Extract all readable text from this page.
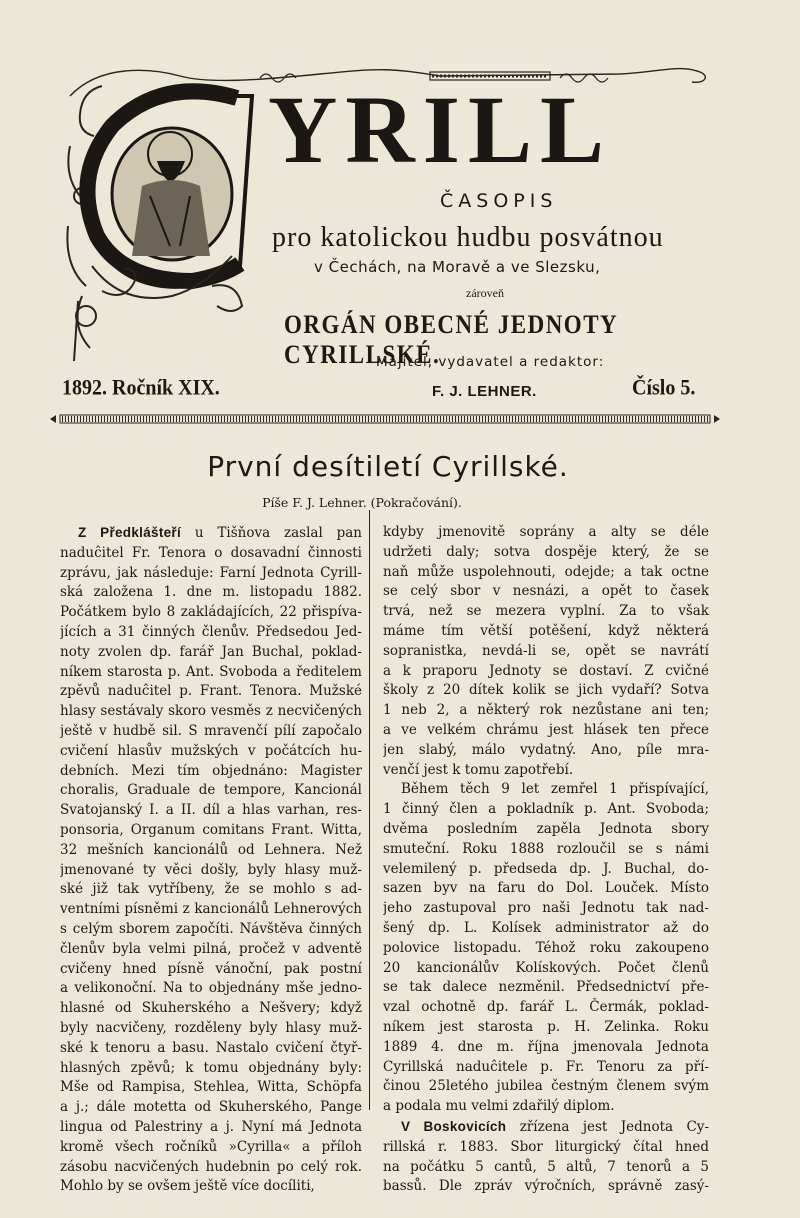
YRILL
ČASOPIS
pro katolickou hudbu posvátnou
v Čechách, na Moravě a ve Slezsku,
zároveň
ORGÁN OBECNÉ JEDNOTY CYRILLSKÉ.
Majitel, vydavatel a redaktor:
1892. Ročník XIX.	F. J. LEHNER.	Číslo 5.
První desítiletí Cyrillské.
Píše F. J. Lehner. (Pokračování).
Z Předklášteří u Tišňova zaslal pan
naduĉitel Fr. Tenora o dosavadní činnosti
zprávu, jak následuje: Farní Jednota Cyrill-
ská založena 1. dne m. listopadu 1882.
Počátkem bylo 8 zakládajících, 22 přispíva-
jících a 31 činných členův. Předsedou Jed-
noty zvolen dp. farář Jan Buchal, poklad-
níkem starosta p. Ant. Svoboda a ředitelem
zpěvů naduĉitel p. Frant. Tenora. Mužské
hlasy sestávaly skoro vesměs z necvičených
ještě v hudbě sil. S mravenčí pílí započalo
cvičení hlasův mužských v počátcích hu-
debních. Mezi tím objednáno: Magister
choralis, Graduale de tempore, Kancionál
Svatojanský I. a II. díl a hlas varhan, res-
ponsoria, Organum comitans Frant. Witta,
32 mešních kancionálů od Lehnera. Než
jmenované ty věci došly, byly hlasy muž-
ské již tak vytříbeny, že se mohlo s ad-
ventními písněmi z kancionálů Lehnerových
s celým sborem započíti. Návštěva činných
členův byla velmi pilná, pročež v adventě
cvičeny hned písně vánoční, pak postní
a velikonoční. Na to objednány mše jedno-
hlasné od Skuherského a Nešvery; když
byly nacvičeny, rozděleny byly hlasy muž-
ské k tenoru a basu. Nastalo cvičení čtyř-
hlasných zpěvů; k tomu objednány byly:
Mše od Rampisa, Stehlea, Witta, Schöpfa
a j.; dále motetta od Skuherského, Pange
lingua od Palestriny a j. Nyní má Jednota
kromě všech ročníků »Cyrilla« a příloh
zásobu nacvičených hudebnin po celý rok.
Mohlo by se ovšem ještě více docíliti,
kdyby jmenovitě soprány a alty se déle
udržeti daly; sotva dospěje který, že se
naň může uspolehnouti, odejde; a tak octne
se celý sbor v nesnázi, a opět to časek
trvá, než se mezera vyplní. Za to však
máme tím větší potěšení, když některá
sopranistka, nevdá-li se, opět se navrátí
a k praporu Jednoty se dostaví. Z cvičné
školy z 20 dítek kolik se jich vydaří? Sotva
1 neb 2, a některý rok nezůstane ani ten;
a ve velkém chrámu jest hlásek ten přece
jen slabý, málo vydatný. Ano, píle mra-
venčí jest k tomu zapotřebí.
Během těch 9 let zemřel 1 přispívající,
1 činný člen a pokladník p. Ant. Svoboda;
dvěma posledním zapěla Jednota sbory
smuteční. Roku 1888 rozloučil se s námi
velemilený p. předseda dp. J. Buchal, do-
sazen byv na faru do Dol. Louček. Místo
jeho zastupoval pro naši Jednotu tak nad-
šený dp. L. Kolísek administrator až do
polovice listopadu. Téhož roku zakoupeno
20 kancionálův Kolískových. Počet členů
se tak dalece nezměnil. Předsednictví pře-
vzal ochotně dp. farář L. Čermák, poklad-
níkem jest starosta p. H. Zelinka. Roku
1889 4. dne m. října jmenovala Jednota
Cyrillská naduĉitele p. Fr. Tenoru za pří-
činou 25letého jubilea čestným členem svým
a podala mu velmi zdařilý diplom.
V Boskovicích zřízena jest Jednota Cy-
rillská r. 1883. Sbor liturgický čítal hned
na počátku 5 cantů, 5 altů, 7 tenorů a 5
bassů. Dle zpráv výročních, správně zasý-
